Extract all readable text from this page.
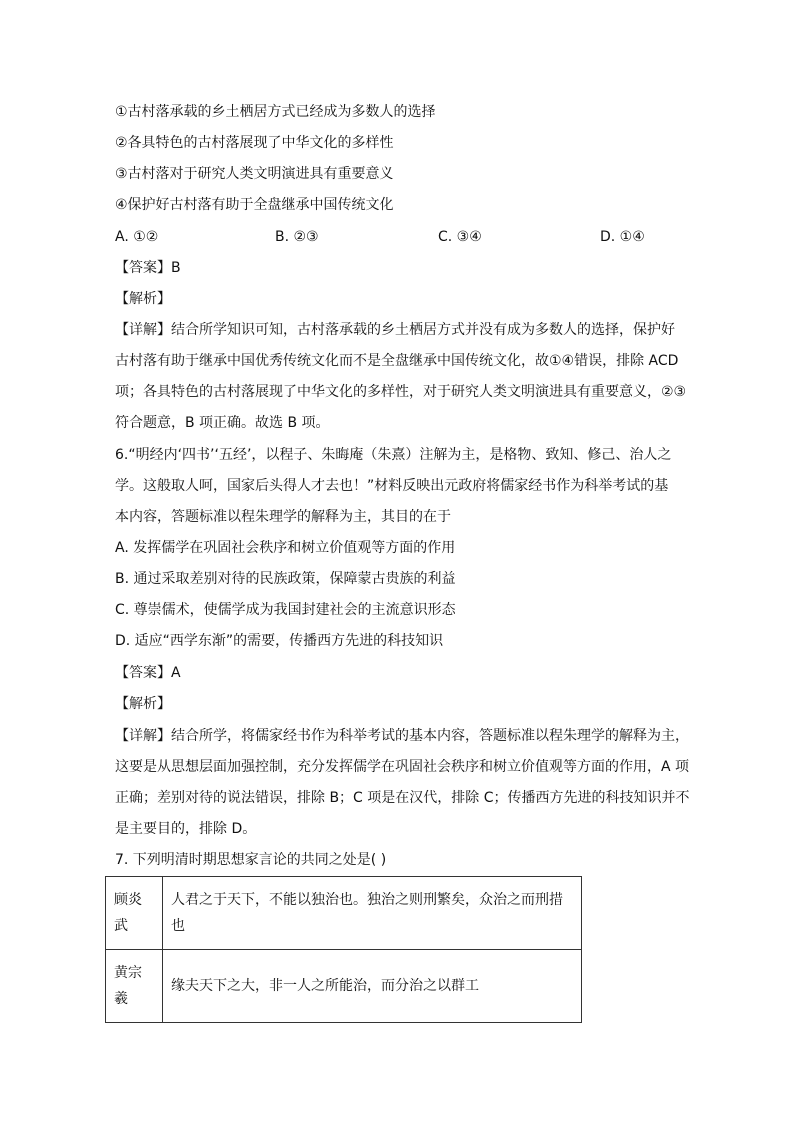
①古村落承载的乡土栖居方式已经成为多数人的选择
②各具特色的古村落展现了中华文化的多样性
③古村落对于研究人类文明演进具有重要意义
④保护好古村落有助于全盘继承中国传统文化
A. ①②	B. ②③	C. ③④	D. ①④
【答案】B
【解析】
【详解】结合所学知识可知，古村落承载的乡土栖居方式并没有成为多数人的选择，保护好
古村落有助于继承中国优秀传统文化而不是全盘继承中国传统文化，故①④错误，排除 ACD
项；各具特色的古村落展现了中华文化的多样性，对于研究人类文明演进具有重要意义，②③
符合题意，B 项正确。故选 B 项。
6.“明经内‘四书’‘五经’，以程子、朱晦庵（朱熹）注解为主，是格物、致知、修己、治人之
学。这般取人呵，国家后头得人才去也！”材料反映出元政府将儒家经书作为科举考试的基
本内容，答题标准以程朱理学的解释为主，其目的在于
A. 发挥儒学在巩固社会秩序和树立价值观等方面的作用
B. 通过采取差别对待的民族政策，保障蒙古贵族的利益
C. 尊崇儒术，使儒学成为我国封建社会的主流意识形态
D. 适应“西学东渐”的需要，传播西方先进的科技知识
【答案】A
【解析】
【详解】结合所学，将儒家经书作为科举考试的基本内容，答题标准以程朱理学的解释为主，
这要是从思想层面加强控制，充分发挥儒学在巩固社会秩序和树立价值观等方面的作用，A 项
正确；差别对待的说法错误，排除 B；C 项是在汉代，排除 C；传播西方先进的科技知识并不
是主要目的，排除 D。
7. 下列明清时期思想家言论的共同之处是( )
顾炎武	人君之于天下，不能以独治也。独治之则刑繁矣，众治之而刑措也
黄宗羲	缘夫天下之大，非一人之所能治，而分治之以群工
